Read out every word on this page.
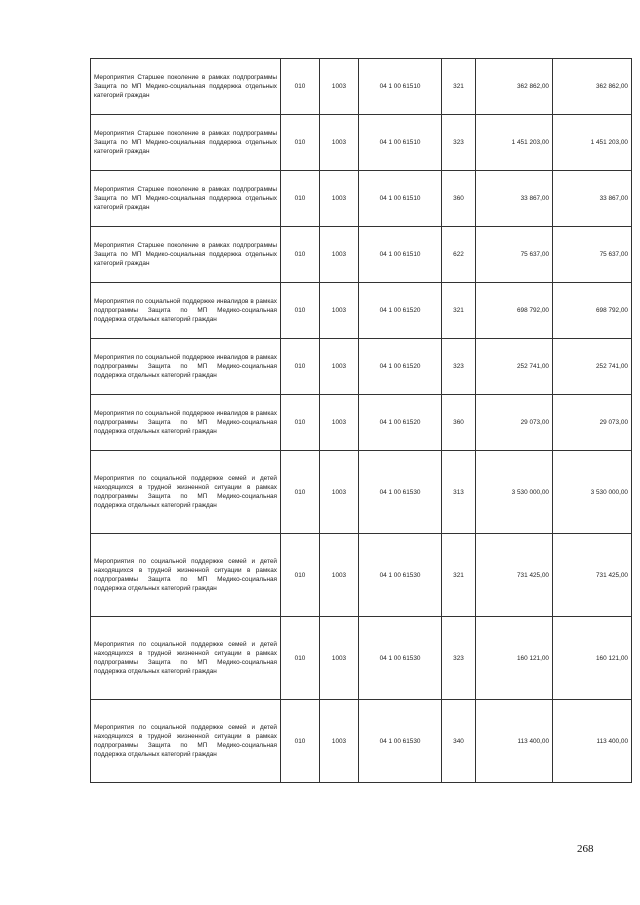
Мероприятия Старшее поколение в рамках подпрограммы Защита по МП Медико-социальная поддержка отдельных категорий граждан	010	1003	04 1 00 61510	321	362 862,00	362 862,00
Мероприятия Старшее поколение в рамках подпрограммы Защита по МП Медико-социальная поддержка отдельных категорий граждан	010	1003	04 1 00 61510	323	1 451 203,00	1 451 203,00
Мероприятия Старшее поколение в рамках подпрограммы Защита по МП Медико-социальная поддержка отдельных категорий граждан	010	1003	04 1 00 61510	360	33 867,00	33 867,00
Мероприятия Старшее поколение в рамках подпрограммы Защита по МП Медико-социальная поддержка отдельных категорий граждан	010	1003	04 1 00 61510	622	75 637,00	75 637,00
Мероприятия по социальной поддержке инвалидов в рамках подпрограммы Защита по МП Медико-социальная поддержка отдельных категорий граждан	010	1003	04 1 00 61520	321	698 792,00	698 792,00
Мероприятия по социальной поддержке инвалидов в рамках подпрограммы Защита по МП Медико-социальная поддержка отдельных категорий граждан	010	1003	04 1 00 61520	323	252 741,00	252 741,00
Мероприятия по социальной поддержке инвалидов в рамках подпрограммы Защита по МП Медико-социальная поддержка отдельных категорий граждан	010	1003	04 1 00 61520	360	29 073,00	29 073,00
Мероприятия по социальной поддержке семей и детей находящихся в трудной жизненной ситуации в рамках подпрограммы Защита по МП Медико-социальная поддержка отдельных категорий граждан	010	1003	04 1 00 61530	313	3 530 000,00	3 530 000,00
Мероприятия по социальной поддержке семей и детей находящихся в трудной жизненной ситуации в рамках подпрограммы Защита по МП Медико-социальная поддержка отдельных категорий граждан	010	1003	04 1 00 61530	321	731 425,00	731 425,00
Мероприятия по социальной поддержке семей и детей находящихся в трудной жизненной ситуации в рамках подпрограммы Защита по МП Медико-социальная поддержка отдельных категорий граждан	010	1003	04 1 00 61530	323	160 121,00	160 121,00
Мероприятия по социальной поддержке семей и детей находящихся в трудной жизненной ситуации в рамках подпрограммы Защита по МП Медико-социальная поддержка отдельных категорий граждан	010	1003	04 1 00 61530	340	113 400,00	113 400,00
268
